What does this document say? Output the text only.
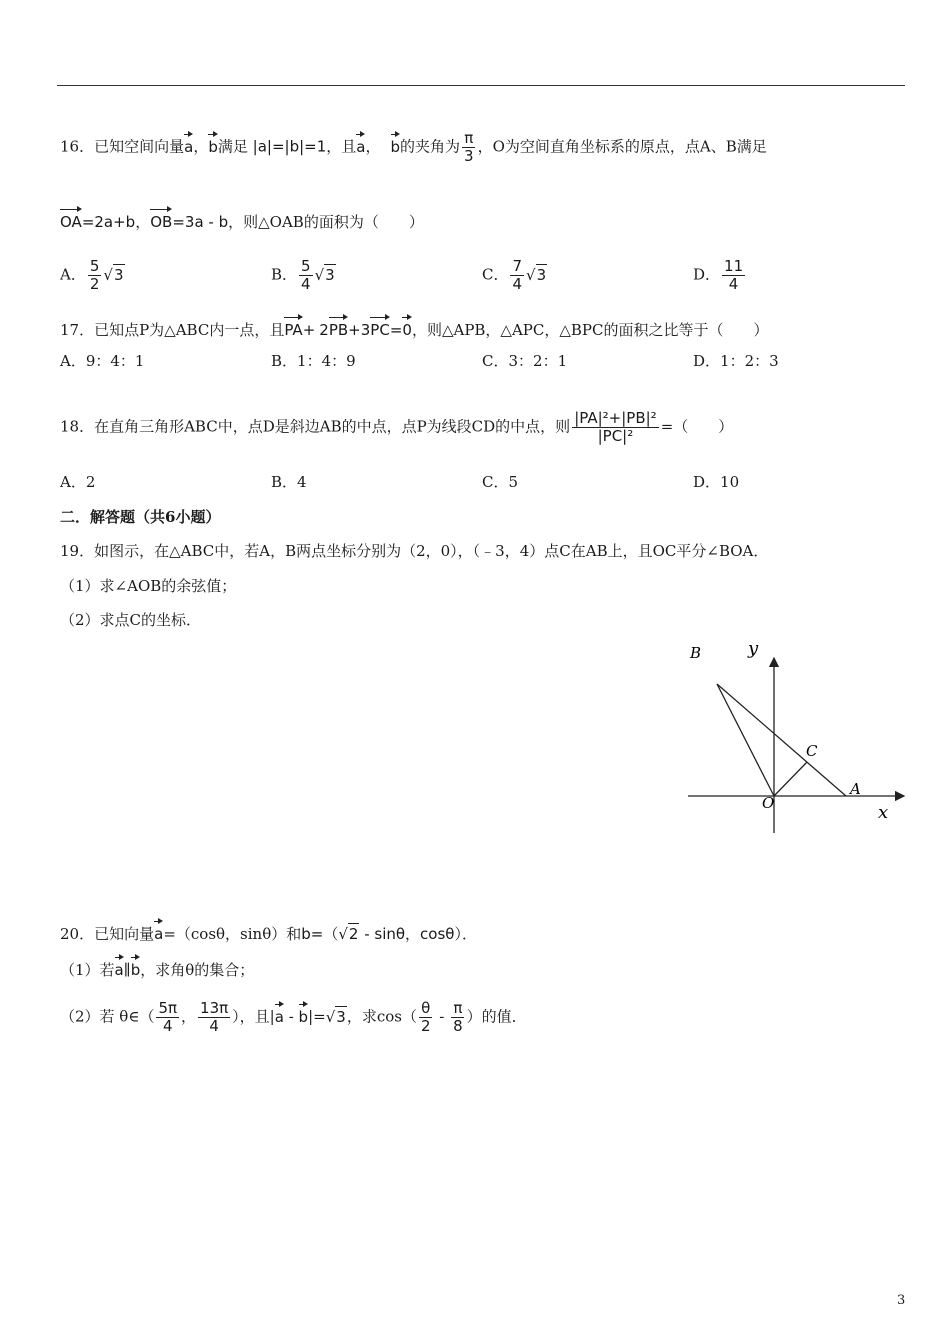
16．已知空间向量a，b满足 |a|=|b|=1，且a， b的夹角为 $\frac{\pi}{3}$ ，O为空间直角坐标系的原点，点A、B满足
OA=2a+b，OB=3a - b，则△OAB的面积为（　　）
A． $\frac{5}{2}$ √ 3	B． $\frac{5}{4}$ √ 3	C． $\frac{7}{4}$ √ 3	D． $\frac{11}{4}$
17．已知点P为△ABC内一点，且PA+ 2PB+3PC=0，则△APB，△APC，△BPC的面积之比等于（　　）
A．9：4：1	B．1：4：9	C．3：2：1	D．1：2：3
18．在直角三角形ABC中，点D是斜边AB的中点，点P为线段CD的中点，则 $\frac{\text{|PA|²+|PB|²}}{\text{|PC|²}}$ =（　　）
A．2	B．4	C．5	D．10
二．解答题（共6小题）
19．如图示，在△ABC中，若A，B两点坐标分别为（2，0），（﹣3，4）点C在AB上，且OC平分∠BOA．
（1）求∠AOB的余弦值；
（2）求点C的坐标．
B	y
C
A
O	x
20．已知向量a=（cosθ，sinθ）和b=（ √ 2 - sinθ，cosθ）．
（1）若a∥b，求角θ的集合；
（2）若 θ∈（ $\frac{5\pi}{4}$ ， $\frac{13\pi}{4}$ ），且|a - b|= √ 3 ，求$\cos( \frac{\theta}{2} - \frac{\pi}{8}$ ）的值．
3
